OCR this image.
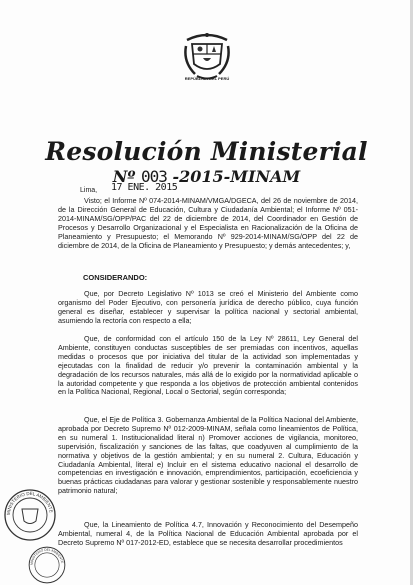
REPÚBLICA DEL PERÚ
Resolución Ministerial
Nº 003 -2015-MINAM
Lima, 17 ENE. 2015

Visto; el Informe Nº 074-2014-MINAM/VMGA/DGECA, del 26 de noviembre de 2014, de la Dirección General de Educación, Cultura y Ciudadanía Ambiental; el Informe Nº 051-2014-MINAM/SG/OPP/PAC del 22 de diciembre de 2014, del Coordinador en Gestión de Procesos y Desarrollo Organizacional y el Especialista en Racionalización de la Oficina de Planeamiento y Presupuesto; el Memorando Nº 929-2014-MINAM/SG/OPP del 22 de diciembre de 2014, de la Oficina de Planeamiento y Presupuesto; y demás antecedentes; y,

CONSIDERANDO:

Que, por Decreto Legislativo Nº 1013 se creó el Ministerio del Ambiente como organismo del Poder Ejecutivo, con personería jurídica de derecho público, cuya función general es diseñar, establecer y supervisar la política nacional y sectorial ambiental, asumiendo la rectoría con respecto a ella;

Que, de conformidad con el artículo 150 de la Ley Nº 28611, Ley General del Ambiente, constituyen conductas susceptibles de ser premiadas con incentivos, aquellas medidas o procesos que por iniciativa del titular de la actividad son implementadas y ejecutadas con la finalidad de reducir y/o prevenir la contaminación ambiental y la degradación de los recursos naturales, más allá de lo exigido por la normatividad aplicable o la autoridad competente y que responda a los objetivos de protección ambiental contenidos en la Política Nacional, Regional, Local o Sectorial, según corresponda;

Que, el Eje de Política 3. Gobernanza Ambiental de la Política Nacional del Ambiente, aprobada por Decreto Supremo Nº 012-2009-MINAM, señala como lineamientos de Política, en su numeral 1. Institucionalidad literal n) Promover acciones de vigilancia, monitoreo, supervisión, fiscalización y sanciones de las faltas, que coadyuven al cumplimiento de la normativa y objetivos de la gestión ambiental; y en su numeral 2. Cultura, Educación y Ciudadanía Ambiental, literal e) Incluir en el sistema educativo nacional el desarrollo de competencias en investigación e innovación, emprendimientos, participación, ecoeficiencia y buenas prácticas ciudadanas para valorar y gestionar sostenible y responsablemente nuestro patrimonio natural;

Que, la Lineamiento de Política 4.7, Innovación y Reconocimiento del Desempeño Ambiental, numeral 4, de la Política Nacional de Educación Ambiental aprobada por el Decreto Supremo Nº 017-2012-ED, establece que se necesita desarrollar procedimientos

MINISTERIO DEL AMBIENTE
MINISTERIO DEL AMBIENTE
